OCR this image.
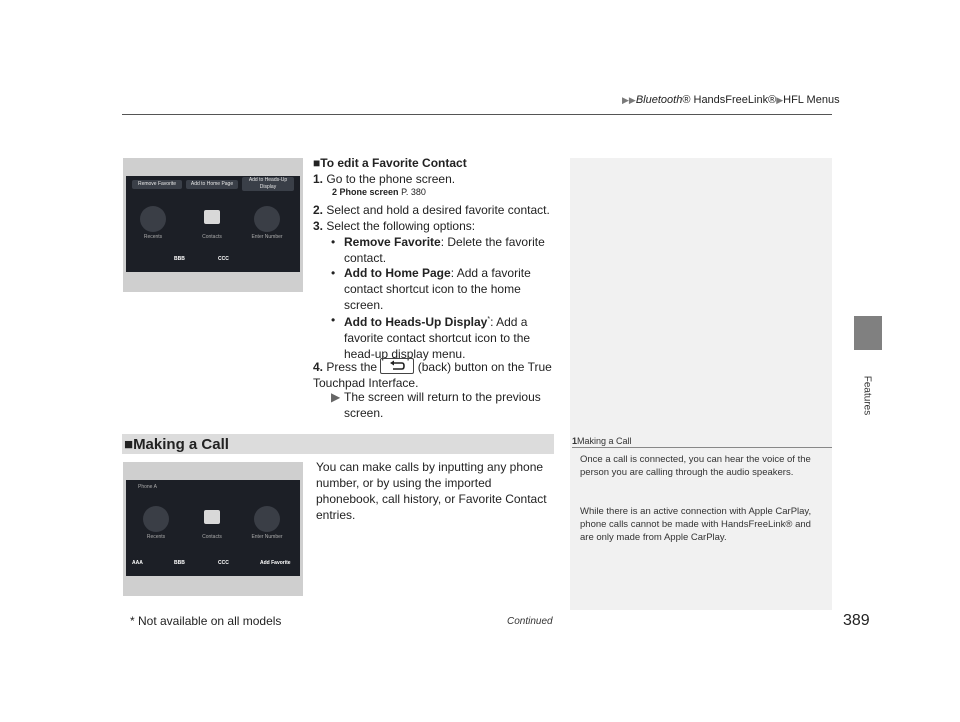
▶▶Bluetooth® HandsFreeLink®▶HFL Menus
Features
Remove Favorite	Add to Home Page
Add to Heads-Up Display
Recents	Contacts	Enter Number
BBB	CCC
■To edit a Favorite Contact
1. Go to the phone screen.
2 Phone screen P. 380
2. Select and hold a desired favorite contact.
3. Select the following options:
• Remove Favorite: Delete the favorite contact.
• Add to Home Page: Add a favorite contact shortcut icon to the home screen.
• Add to Heads-Up Display*: Add a favorite contact shortcut icon to the head-up display menu.
4. Press the	(back) button on the True Touchpad Interface.
▶ The screen will return to the previous screen.
■Making a Call
You can make calls by inputting any phone number, or by using the imported phonebook, call history, or Favorite Contact entries.
Phone A
Recents	Contacts	Enter Number
AAA	BBB	CCC	Add Favorite
1Making a Call
Once a call is connected, you can hear the voice of the person you are calling through the audio speakers.
While there is an active connection with Apple CarPlay, phone calls cannot be made with HandsFreeLink® and are only made from Apple CarPlay.
* Not available on all models	Continued	389
